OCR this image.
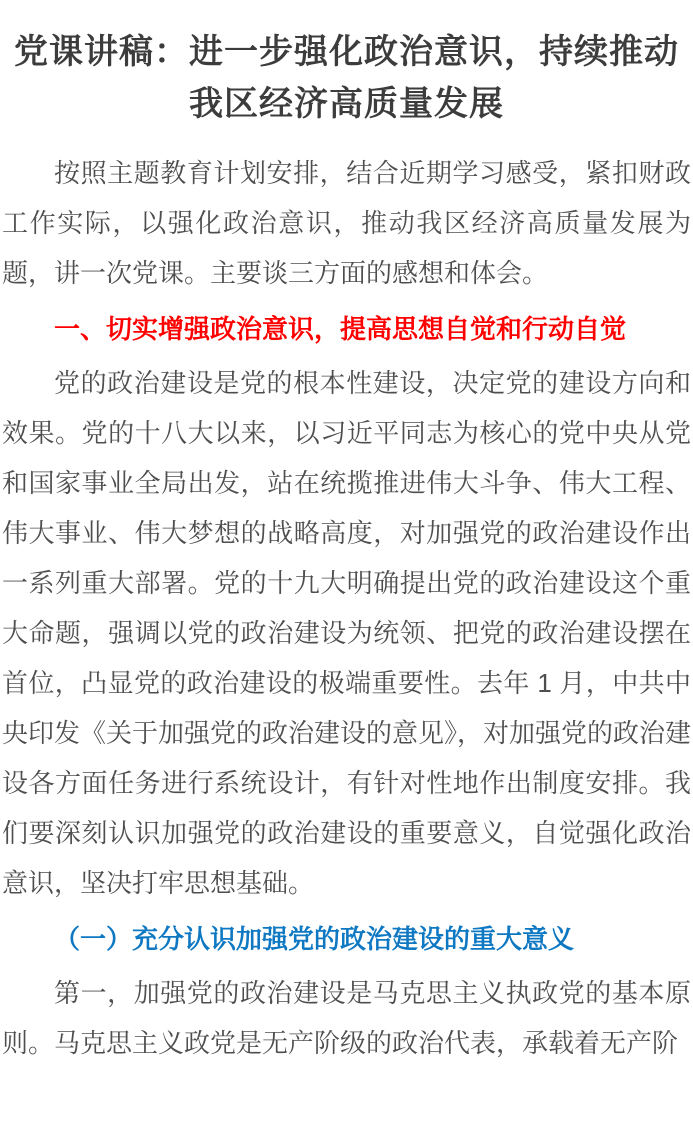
党课讲稿：进一步强化政治意识，持续推动我区经济高质量发展

按照主题教育计划安排，结合近期学习感受，紧扣财政工作实际，以强化政治意识，推动我区经济高质量发展为题，讲一次党课。主要谈三方面的感想和体会。

一、切实增强政治意识，提高思想自觉和行动自觉

党的政治建设是党的根本性建设，决定党的建设方向和效果。党的十八大以来，以习近平同志为核心的党中央从党和国家事业全局出发，站在统揽推进伟大斗争、伟大工程、伟大事业、伟大梦想的战略高度，对加强党的政治建设作出一系列重大部署。党的十九大明确提出党的政治建设这个重大命题，强调以党的政治建设为统领、把党的政治建设摆在首位，凸显党的政治建设的极端重要性。去年 1 月，中共中央印发《关于加强党的政治建设的意见》，对加强党的政治建设各方面任务进行系统设计，有针对性地作出制度安排。我们要深刻认识加强党的政治建设的重要意义，自觉强化政治意识，坚决打牢思想基础。

（一）充分认识加强党的政治建设的重大意义

第一，加强党的政治建设是马克思主义执政党的基本原则。马克思主义政党是无产阶级的政治代表，承载着无产阶
